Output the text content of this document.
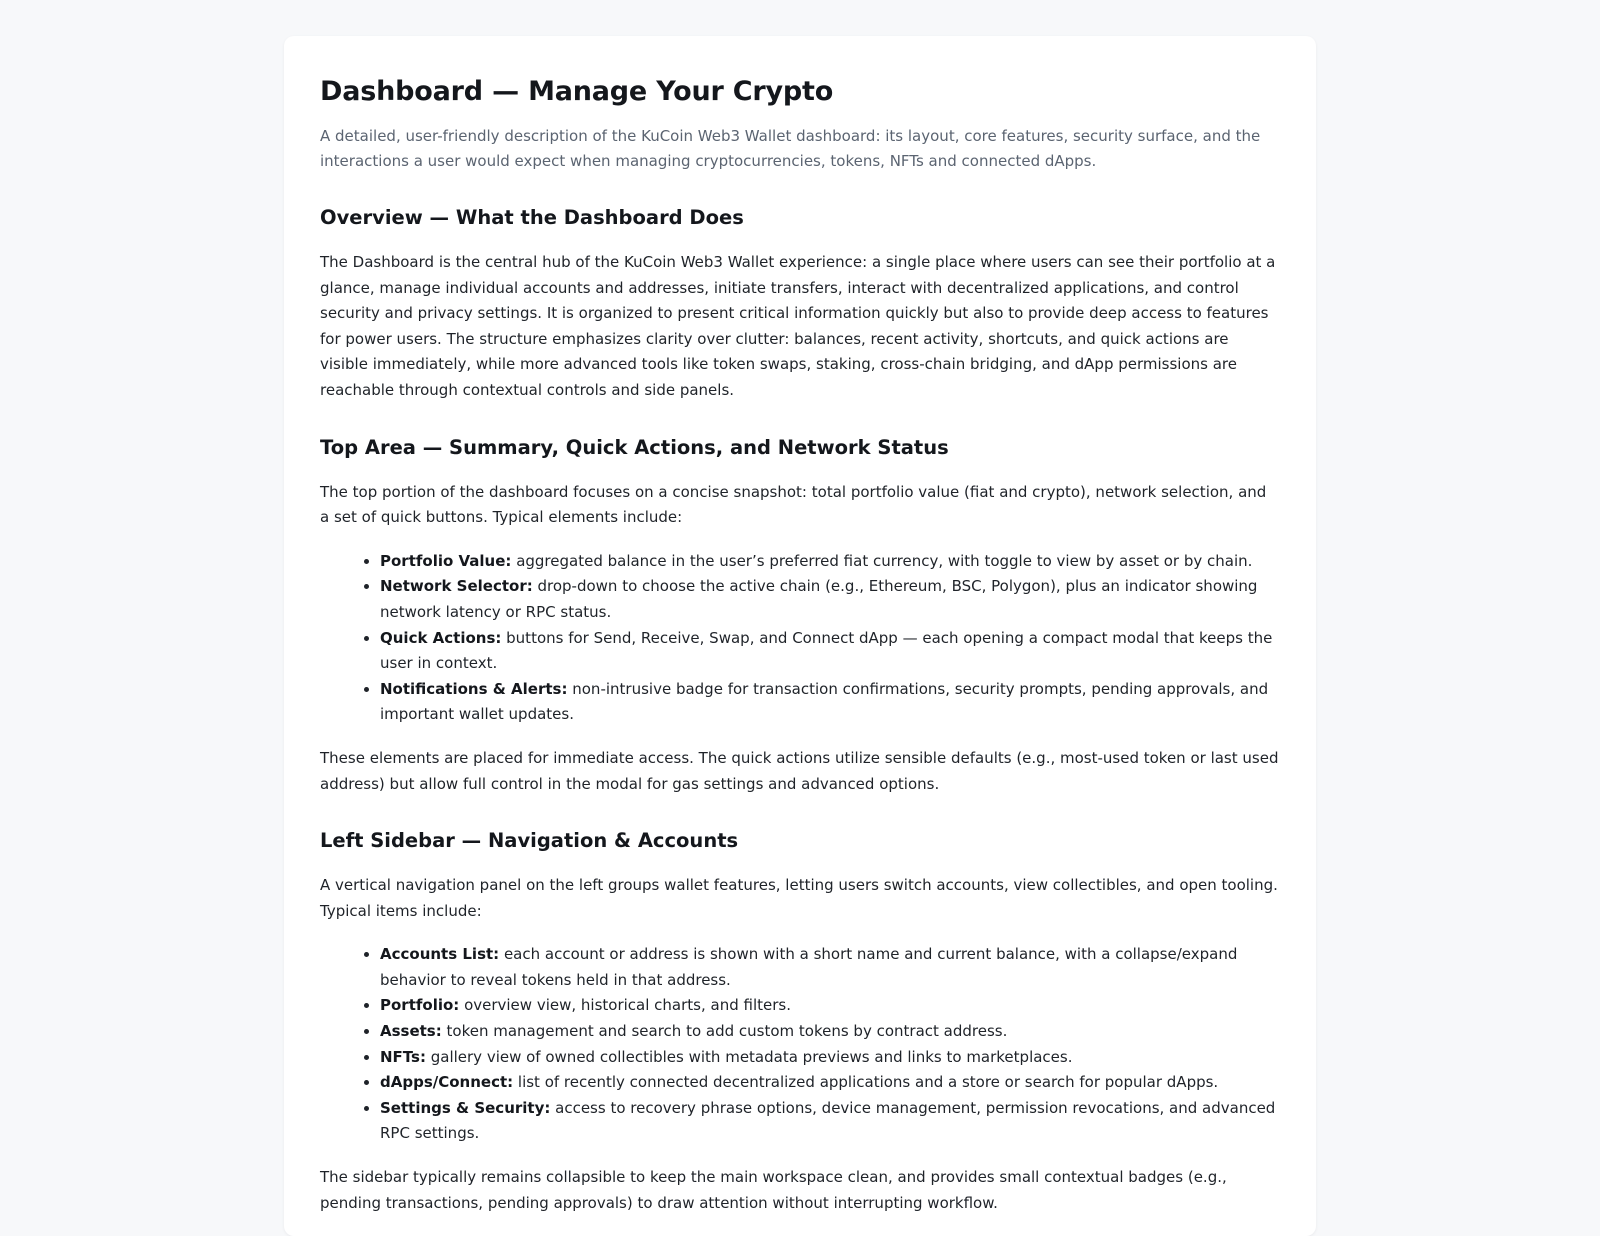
Dashboard — Manage Your Crypto

A detailed, user-friendly description of the KuCoin Web3 Wallet dashboard: its layout, core features, security surface, and the interactions a user would expect when managing cryptocurrencies, tokens, NFTs and connected dApps.

Overview — What the Dashboard Does

The Dashboard is the central hub of the KuCoin Web3 Wallet experience: a single place where users can see their portfolio at a glance, manage individual accounts and addresses, initiate transfers, interact with decentralized applications, and control security and privacy settings. It is organized to present critical information quickly but also to provide deep access to features for power users. The structure emphasizes clarity over clutter: balances, recent activity, shortcuts, and quick actions are visible immediately, while more advanced tools like token swaps, staking, cross-chain bridging, and dApp permissions are reachable through contextual controls and side panels.

Top Area — Summary, Quick Actions, and Network Status

The top portion of the dashboard focuses on a concise snapshot: total portfolio value (fiat and crypto), network selection, and a set of quick buttons. Typical elements include:

• Portfolio Value: aggregated balance in the user’s preferred fiat currency, with toggle to view by asset or by chain.
• Network Selector: drop-down to choose the active chain (e.g., Ethereum, BSC, Polygon), plus an indicator showing network latency or RPC status.
• Quick Actions: buttons for Send, Receive, Swap, and Connect dApp — each opening a compact modal that keeps the user in context.
• Notifications & Alerts: non-intrusive badge for transaction confirmations, security prompts, pending approvals, and important wallet updates.

These elements are placed for immediate access. The quick actions utilize sensible defaults (e.g., most-used token or last used address) but allow full control in the modal for gas settings and advanced options.

Left Sidebar — Navigation & Accounts

A vertical navigation panel on the left groups wallet features, letting users switch accounts, view collectibles, and open tooling. Typical items include:

• Accounts List: each account or address is shown with a short name and current balance, with a collapse/expand behavior to reveal tokens held in that address.
• Portfolio: overview view, historical charts, and filters.
• Assets: token management and search to add custom tokens by contract address.
• NFTs: gallery view of owned collectibles with metadata previews and links to marketplaces.
• dApps/Connect: list of recently connected decentralized applications and a store or search for popular dApps.
• Settings & Security: access to recovery phrase options, device management, permission revocations, and advanced RPC settings.

The sidebar typically remains collapsible to keep the main workspace clean, and provides small contextual badges (e.g., pending transactions, pending approvals) to draw attention without interrupting workflow.
